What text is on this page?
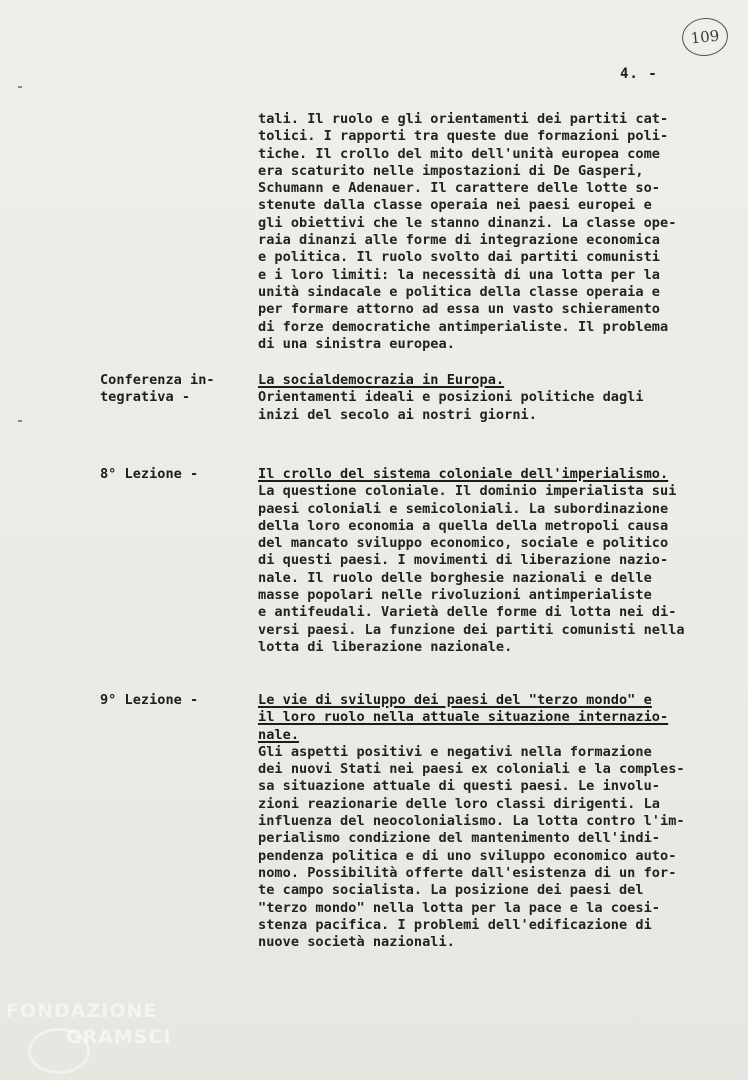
109
4. -
tali. Il ruolo e gli orientamenti dei partiti cat-
tolici. I rapporti tra queste due formazioni poli-
tiche. Il crollo del mito dell'unità europea come
era scaturito nelle impostazioni di De Gasperi,
Schumann e Adenauer. Il carattere delle lotte so-
stenute dalla classe operaia nei paesi europei e
gli obiettivi che le stanno dinanzi. La classe ope-
raia dinanzi alle forme di integrazione economica
e politica. Il ruolo svolto dai partiti comunisti
e i loro limiti: la necessità di una lotta per la
unità sindacale e politica della classe operaia e
per formare attorno ad essa un vasto schieramento
di forze democratiche antimperialiste. Il problema
di una sinistra europea.
Conferenza in-
tegrativa -
La socialdemocrazia in Europa.
Orientamenti ideali e posizioni politiche dagli
inizi del secolo ai nostri giorni.
8° Lezione -	Il crollo del sistema coloniale dell'imperialismo.
La questione coloniale. Il dominio imperialista sui
paesi coloniali e semicoloniali. La subordinazione
della loro economia a quella della metropoli causa
del mancato sviluppo economico, sociale e politico
di questi paesi. I movimenti di liberazione nazio-
nale. Il ruolo delle borghesie nazionali e delle
masse popolari nelle rivoluzioni antimperialiste
e antifeudali. Varietà delle forme di lotta nei di-
versi paesi. La funzione dei partiti comunisti nella
lotta di liberazione nazionale.
9° Lezione -	Le vie di sviluppo dei paesi del "terzo mondo" e
il loro ruolo nella attuale situazione internazio-
nale.
Gli aspetti positivi e negativi nella formazione
dei nuovi Stati nei paesi ex coloniali e la comples-
sa situazione attuale di questi paesi. Le involu-
zioni reazionarie delle loro classi dirigenti. La
influenza del neocolonialismo. La lotta contro l'im-
perialismo condizione del mantenimento dell'indi-
pendenza politica e di uno sviluppo economico auto-
nomo. Possibilità offerte dall'esistenza di un for-
te campo socialista. La posizione dei paesi del
"terzo mondo" nella lotta per la pace e la coesi-
stenza pacifica. I problemi dell'edificazione di
nuove società nazionali.
FONDAZIONE
GRAMSCI
